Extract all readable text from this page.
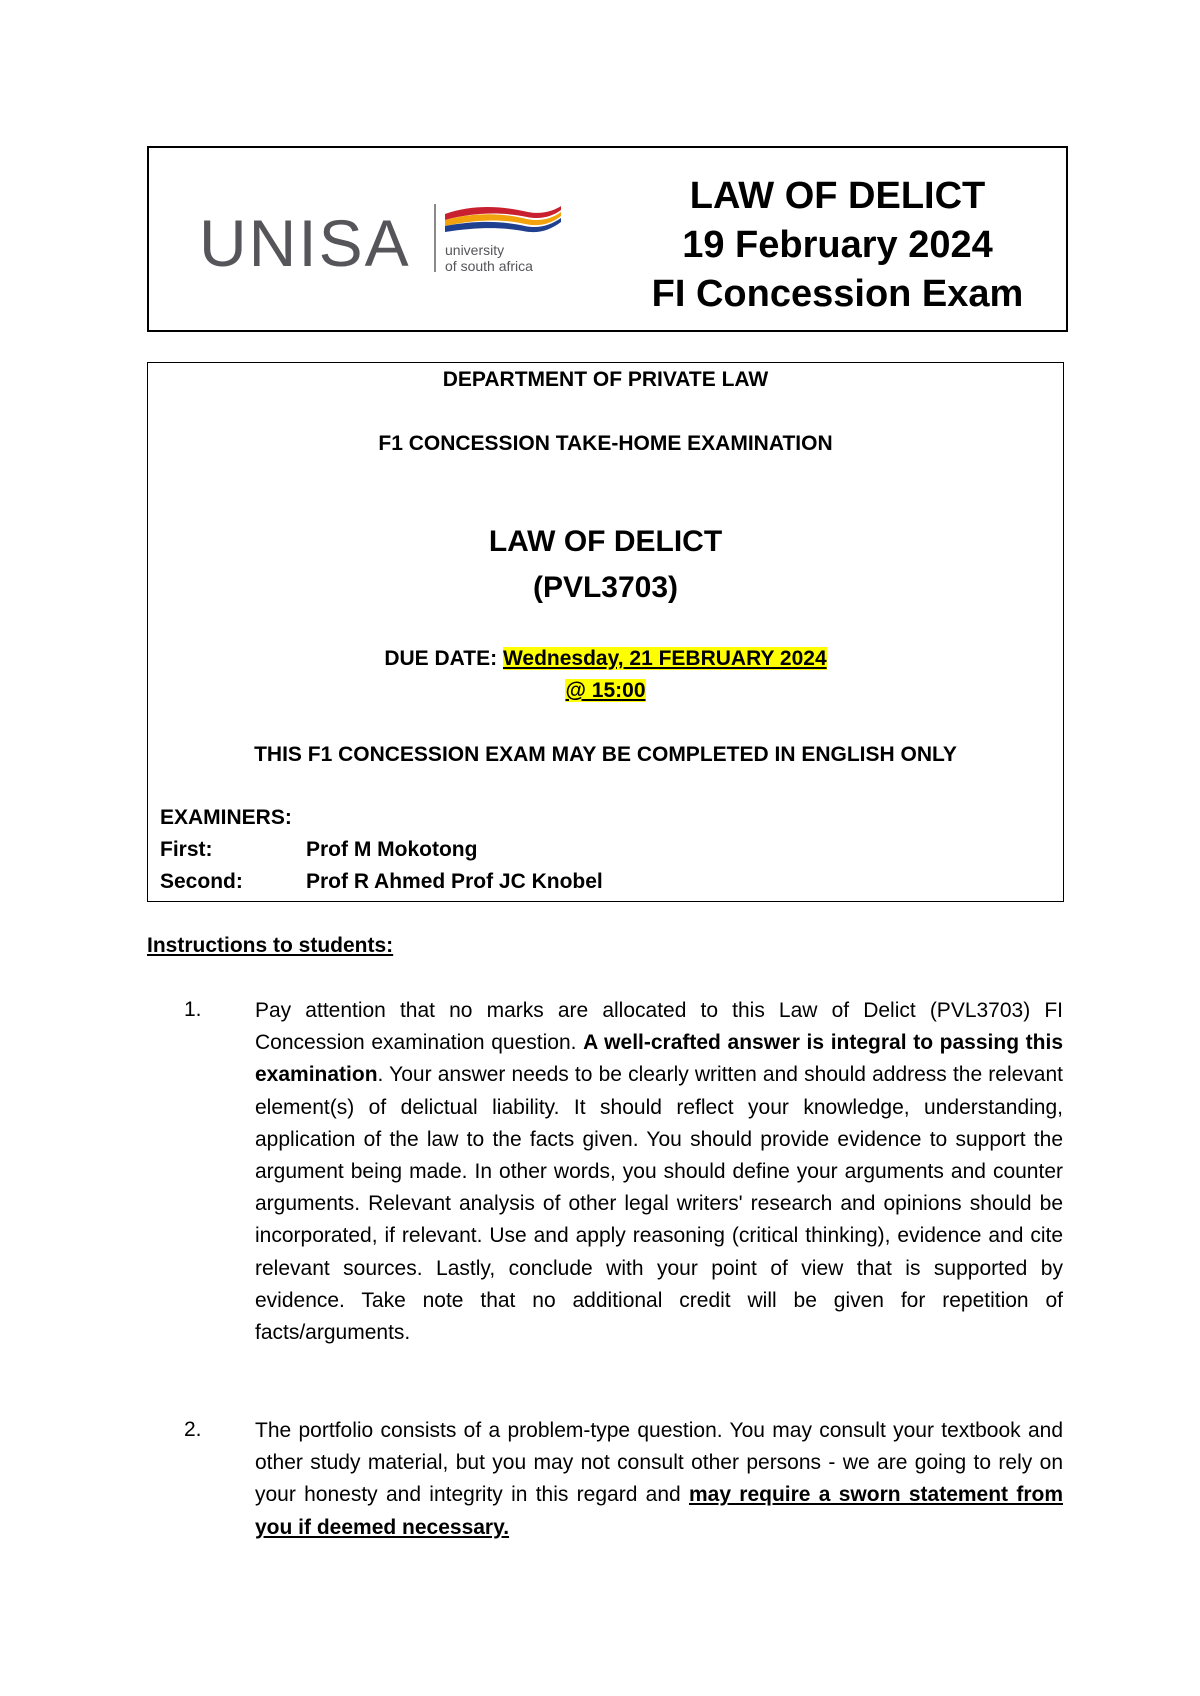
UNISA university
of south africa
LAW OF DELICT
19 February 2024
FI Concession Exam
DEPARTMENT OF PRIVATE LAW
F1 CONCESSION TAKE-HOME EXAMINATION
LAW OF DELICT
(PVL3703)
DUE DATE: Wednesday, 21 FEBRUARY 2024
@ 15:00
THIS F1 CONCESSION EXAM MAY BE COMPLETED IN ENGLISH ONLY
EXAMINERS:
First:	Prof M Mokotong
Second:	Prof R Ahmed Prof JC Knobel
Instructions to students:
1.	Pay attention that no marks are allocated to this Law of Delict (PVL3703) FI Concession examination question. A well-crafted answer is integral to passing this examination. Your answer needs to be clearly written and should address the relevant element(s) of delictual liability. It should reflect your knowledge, understanding, application of the law to the facts given. You should provide evidence to support the argument being made. In other words, you should define your arguments and counter arguments. Relevant analysis of other legal writers' research and opinions should be incorporated, if relevant. Use and apply reasoning (critical thinking), evidence and cite relevant sources. Lastly, conclude with your point of view that is supported by evidence. Take note that no additional credit will be given for repetition of facts/arguments.
2.	The portfolio consists of a problem-type question. You may consult your textbook and other study material, but you may not consult other persons - we are going to rely on your honesty and integrity in this regard and may require a sworn statement from you if deemed necessary.
